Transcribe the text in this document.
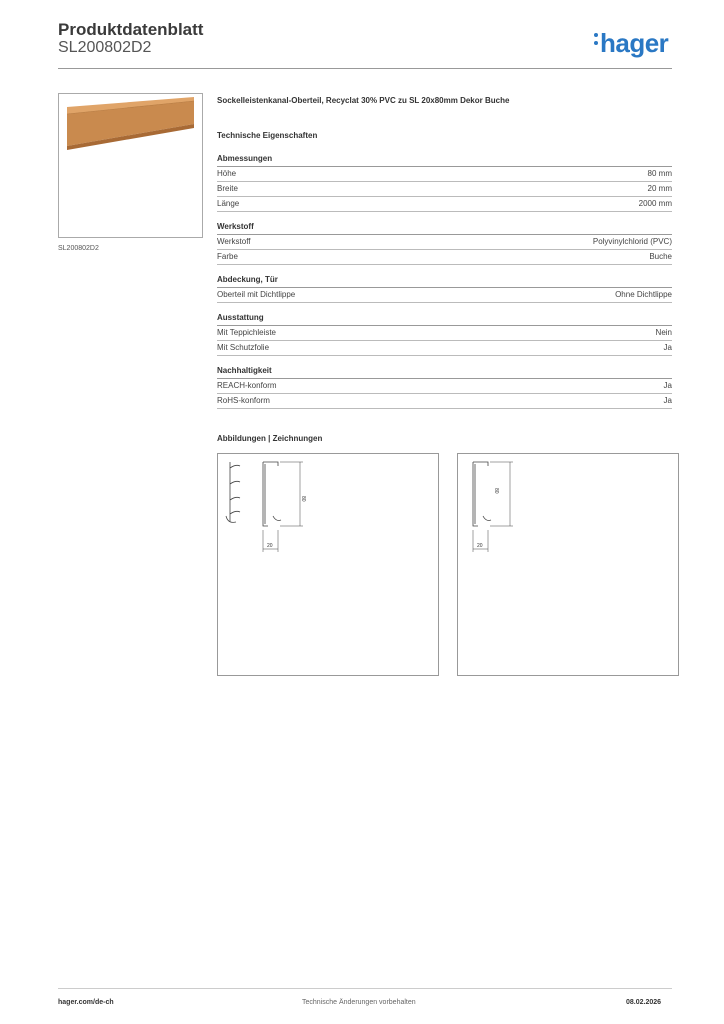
Produktdatenblatt
SL200802D2	hager
SL200802D2
Sockelleistenkanal-Oberteil, Recyclat 30% PVC zu SL 20x80mm Dekor Buche
Technische Eigenschaften
Abmessungen
Höhe	80 mm
Breite	20 mm
Länge	2000 mm
Werkstoff
Werkstoff	Polyvinylchlorid (PVC)
Farbe	Buche
Abdeckung, Tür
Oberteil mit Dichtlippe	Ohne Dichtlippe
Ausstattung
Mit Teppichleiste	Nein
Mit Schutzfolie	Ja
Nachhaltigkeit
REACH-konform	Ja
RoHS-konform	Ja
Abbildungen | Zeichnungen
80
20
80
20
hager.com/de-ch	Technische Änderungen vorbehalten	08.02.2026
